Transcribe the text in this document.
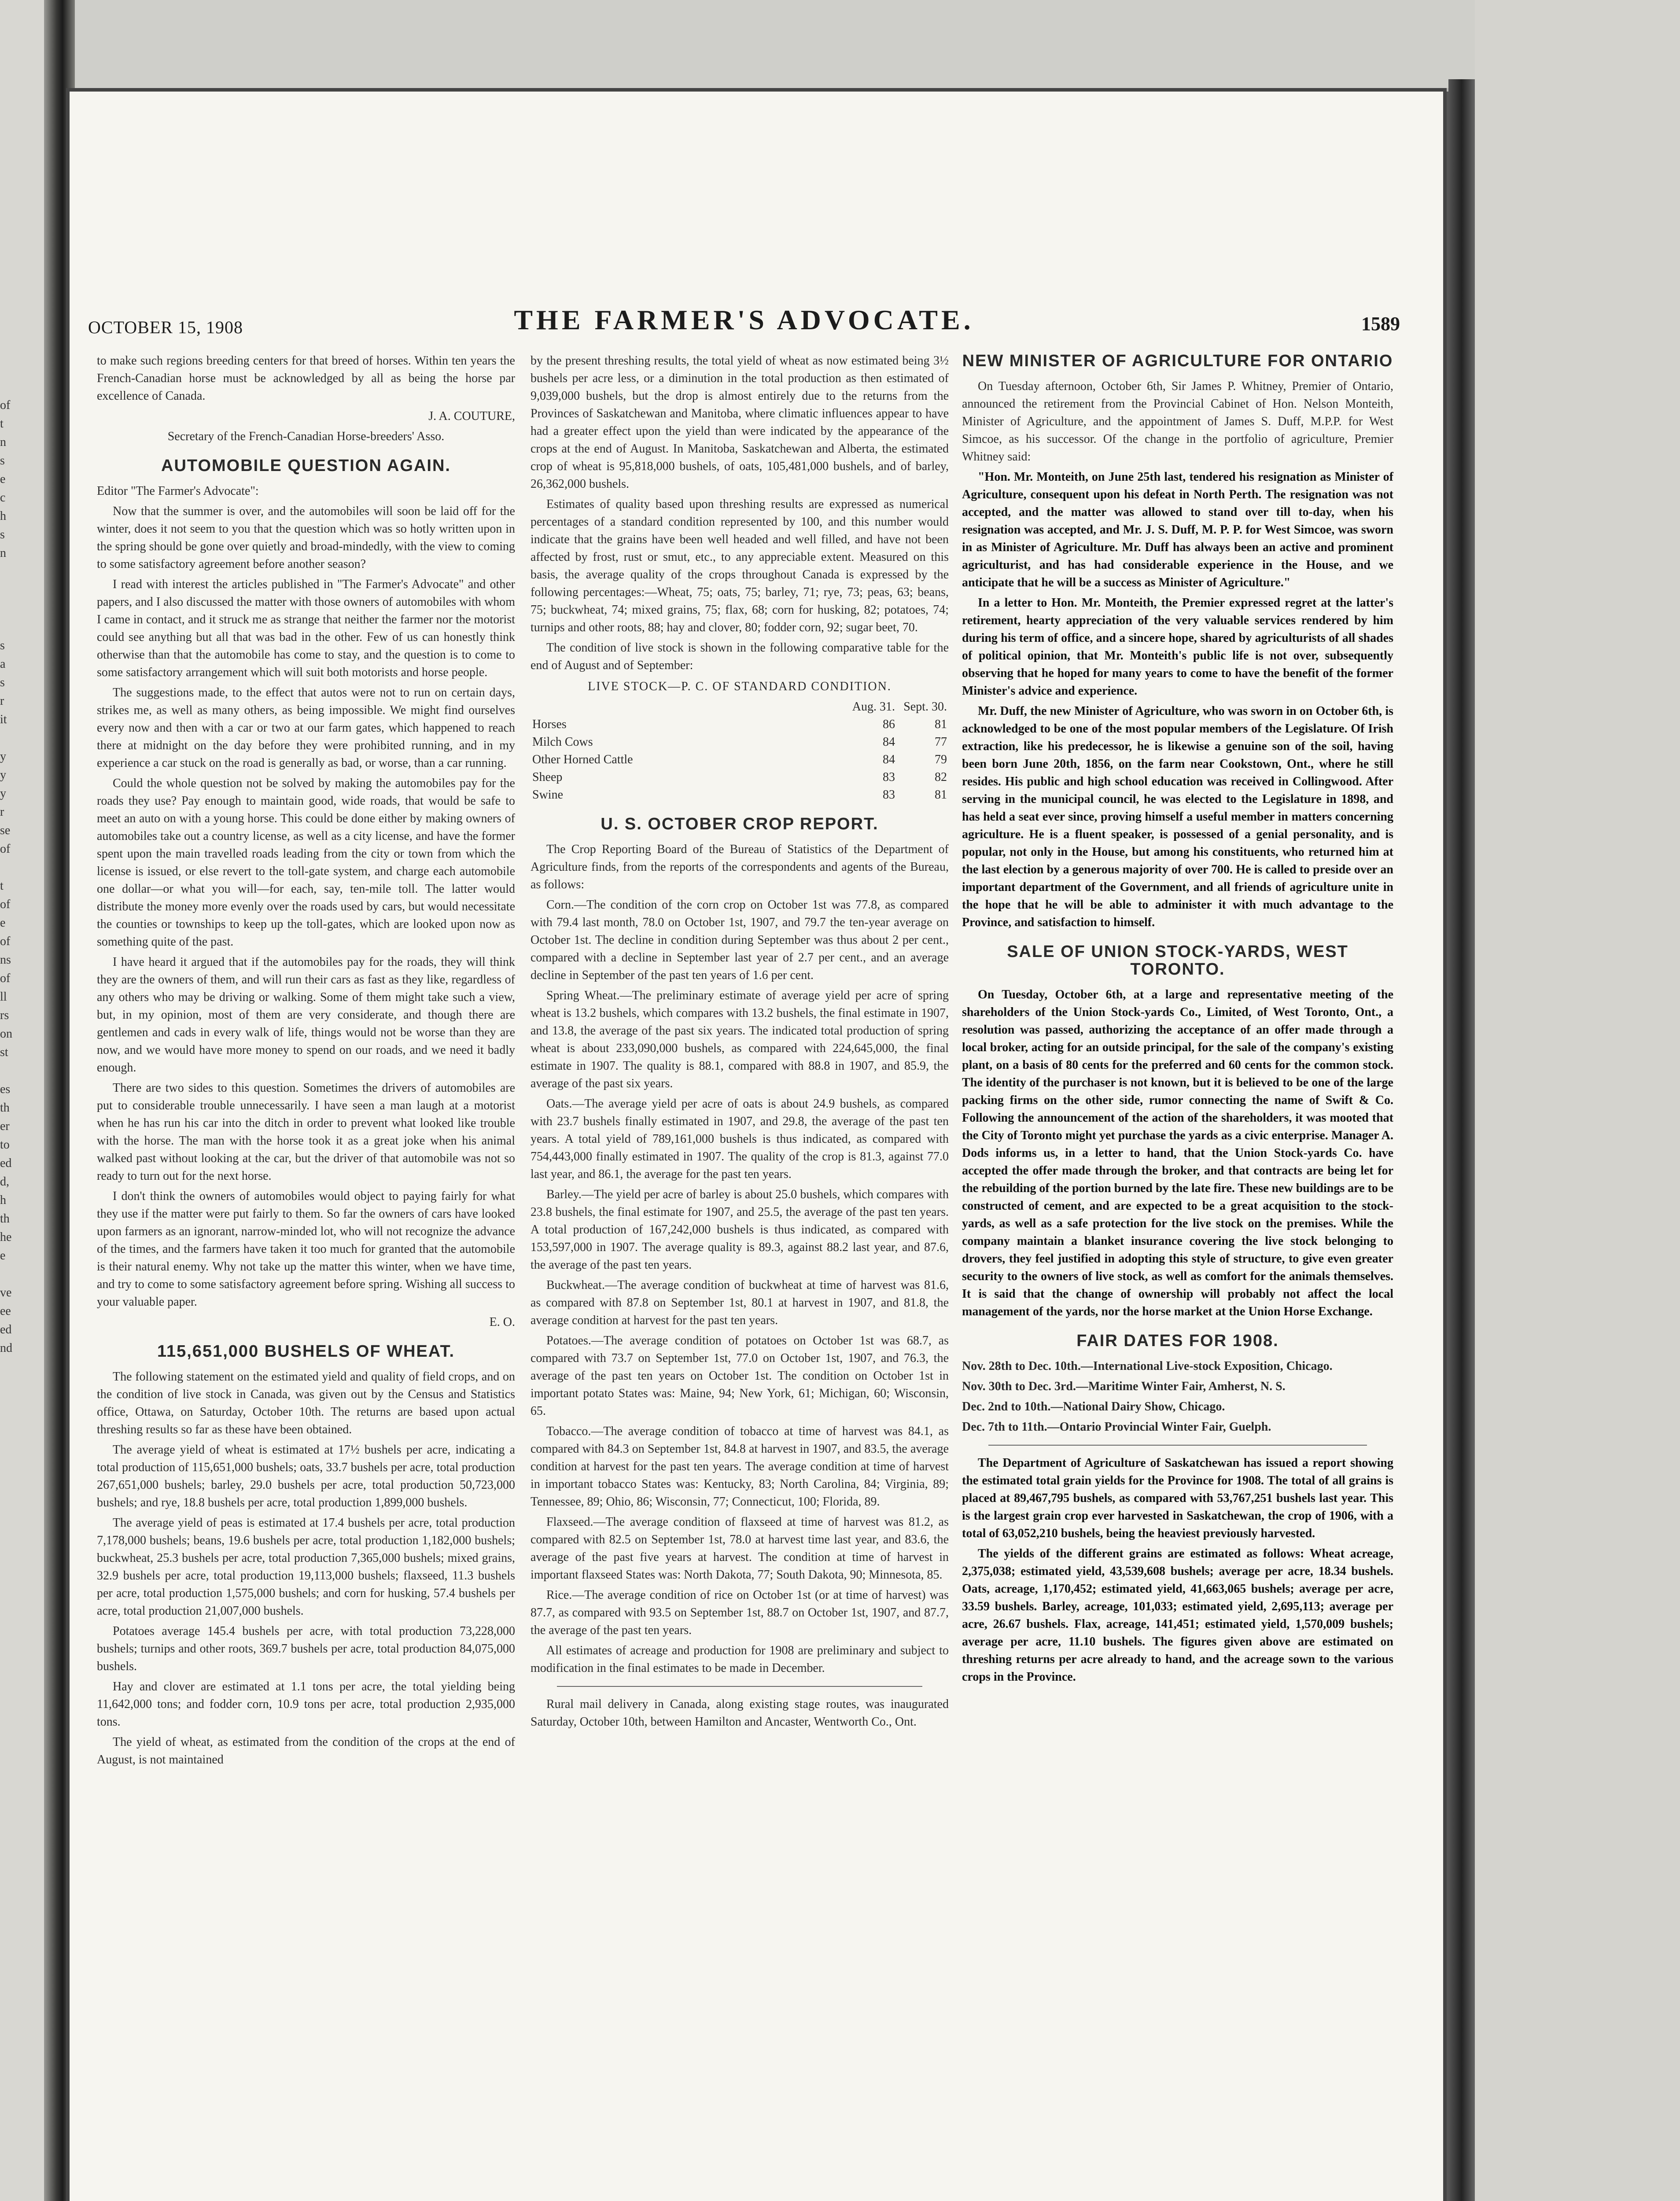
of
t
n
s
e
c
h
s
n
s
a
s
r
it
y
y
y
r
se
of
t
of
e
of
ns
of
ll
rs
on
st
es
th
er
to
ed
d,
h
th
he
e
ve
ee
ed
nd
OCTOBER 15, 1908	THE FARMER'S ADVOCATE.	1589

to make such regions breeding centers for that breed of horses. Within ten years the French-Canadian horse must be acknowledged by all as being the horse par excellence of Canada.

J. A. COUTURE,
Secretary of the French-Canadian Horse-breeders' Asso.
AUTOMOBILE QUESTION AGAIN.

Editor "The Farmer's Advocate":

Now that the summer is over, and the automobiles will soon be laid off for the winter, does it not seem to you that the question which was so hotly written upon in the spring should be gone over quietly and broad-mindedly, with the view to coming to some satisfactory agreement before another season?

I read with interest the articles published in "The Farmer's Advocate" and other papers, and I also discussed the matter with those owners of automobiles with whom I came in contact, and it struck me as strange that neither the farmer nor the motorist could see anything but all that was bad in the other. Few of us can honestly think otherwise than that the automobile has come to stay, and the question is to come to some satisfactory arrangement which will suit both motorists and horse people.

The suggestions made, to the effect that autos were not to run on certain days, strikes me, as well as many others, as being impossible. We might find ourselves every now and then with a car or two at our farm gates, which happened to reach there at midnight on the day before they were prohibited running, and in my experience a car stuck on the road is generally as bad, or worse, than a car running.

Could the whole question not be solved by making the automobiles pay for the roads they use? Pay enough to maintain good, wide roads, that would be safe to meet an auto on with a young horse. This could be done either by making owners of automobiles take out a country license, as well as a city license, and have the former spent upon the main travelled roads leading from the city or town from which the license is issued, or else revert to the toll-gate system, and charge each automobile one dollar—or what you will—for each, say, ten-mile toll. The latter would distribute the money more evenly over the roads used by cars, but would necessitate the counties or townships to keep up the toll-gates, which are looked upon now as something quite of the past.

I have heard it argued that if the automobiles pay for the roads, they will think they are the owners of them, and will run their cars as fast as they like, regardless of any others who may be driving or walking. Some of them might take such a view, but, in my opinion, most of them are very considerate, and though there are gentlemen and cads in every walk of life, things would not be worse than they are now, and we would have more money to spend on our roads, and we need it badly enough.

There are two sides to this question. Sometimes the drivers of automobiles are put to considerable trouble unnecessarily. I have seen a man laugh at a motorist when he has run his car into the ditch in order to prevent what looked like trouble with the horse. The man with the horse took it as a great joke when his animal walked past without looking at the car, but the driver of that automobile was not so ready to turn out for the next horse.

I don't think the owners of automobiles would object to paying fairly for what they use if the matter were put fairly to them. So far the owners of cars have looked upon farmers as an ignorant, narrow-minded lot, who will not recognize the advance of the times, and the farmers have taken it too much for granted that the automobile is their natural enemy. Why not take up the matter this winter, when we have time, and try to come to some satisfactory agreement before spring. Wishing all success to your valuable paper.

E. O.
115,651,000 BUSHELS OF WHEAT.

The following statement on the estimated yield and quality of field crops, and on the condition of live stock in Canada, was given out by the Census and Statistics office, Ottawa, on Saturday, October 10th. The returns are based upon actual threshing results so far as these have been obtained.

The average yield of wheat is estimated at 17½ bushels per acre, indicating a total production of 115,651,000 bushels; oats, 33.7 bushels per acre, total production 267,651,000 bushels; barley, 29.0 bushels per acre, total production 50,723,000 bushels; and rye, 18.8 bushels per acre, total production 1,899,000 bushels.

The average yield of peas is estimated at 17.4 bushels per acre, total production 7,178,000 bushels; beans, 19.6 bushels per acre, total production 1,182,000 bushels; buckwheat, 25.3 bushels per acre, total production 7,365,000 bushels; mixed grains, 32.9 bushels per acre, total production 19,113,000 bushels; flaxseed, 11.3 bushels per acre, total production 1,575,000 bushels; and corn for husking, 57.4 bushels per acre, total production 21,007,000 bushels.

Potatoes average 145.4 bushels per acre, with total production 73,228,000 bushels; turnips and other roots, 369.7 bushels per acre, total production 84,075,000 bushels.

Hay and clover are estimated at 1.1 tons per acre, the total yielding being 11,642,000 tons; and fodder corn, 10.9 tons per acre, total production 2,935,000 tons.

The yield of wheat, as estimated from the condition of the crops at the end of August, is not maintained

by the present threshing results, the total yield of wheat as now estimated being 3½ bushels per acre less, or a diminution in the total production as then estimated of 9,039,000 bushels, but the drop is almost entirely due to the returns from the Provinces of Saskatchewan and Manitoba, where climatic influences appear to have had a greater effect upon the yield than were indicated by the appearance of the crops at the end of August. In Manitoba, Saskatchewan and Alberta, the estimated crop of wheat is 95,818,000 bushels, of oats, 105,481,000 bushels, and of barley, 26,362,000 bushels.

Estimates of quality based upon threshing results are expressed as numerical percentages of a standard condition represented by 100, and this number would indicate that the grains have been well headed and well filled, and have not been affected by frost, rust or smut, etc., to any appreciable extent. Measured on this basis, the average quality of the crops throughout Canada is expressed by the following percentages:—Wheat, 75; oats, 75; barley, 71; rye, 73; peas, 63; beans, 75; buckwheat, 74; mixed grains, 75; flax, 68; corn for husking, 82; potatoes, 74; turnips and other roots, 88; hay and clover, 80; fodder corn, 92; sugar beet, 70.

The condition of live stock is shown in the following comparative table for the end of August and of September:

LIVE STOCK—P. C. OF STANDARD CONDITION.
	Aug. 31.	Sept. 30.
Horses	86	81
Milch Cows	84	77
Other Horned Cattle	84	79
Sheep	83	82
Swine	83	81
U. S. OCTOBER CROP REPORT.

The Crop Reporting Board of the Bureau of Statistics of the Department of Agriculture finds, from the reports of the correspondents and agents of the Bureau, as follows:

Corn.—The condition of the corn crop on October 1st was 77.8, as compared with 79.4 last month, 78.0 on October 1st, 1907, and 79.7 the ten-year average on October 1st. The decline in condition during September was thus about 2 per cent., compared with a decline in September last year of 2.7 per cent., and an average decline in September of the past ten years of 1.6 per cent.

Spring Wheat.—The preliminary estimate of average yield per acre of spring wheat is 13.2 bushels, which compares with 13.2 bushels, the final estimate in 1907, and 13.8, the average of the past six years. The indicated total production of spring wheat is about 233,090,000 bushels, as compared with 224,645,000, the final estimate in 1907. The quality is 88.1, compared with 88.8 in 1907, and 85.9, the average of the past six years.

Oats.—The average yield per acre of oats is about 24.9 bushels, as compared with 23.7 bushels finally estimated in 1907, and 29.8, the average of the past ten years. A total yield of 789,161,000 bushels is thus indicated, as compared with 754,443,000 finally estimated in 1907. The quality of the crop is 81.3, against 77.0 last year, and 86.1, the average for the past ten years.

Barley.—The yield per acre of barley is about 25.0 bushels, which compares with 23.8 bushels, the final estimate for 1907, and 25.5, the average of the past ten years. A total production of 167,242,000 bushels is thus indicated, as compared with 153,597,000 in 1907. The average quality is 89.3, against 88.2 last year, and 87.6, the average of the past ten years.

Buckwheat.—The average condition of buckwheat at time of harvest was 81.6, as compared with 87.8 on September 1st, 80.1 at harvest in 1907, and 81.8, the average condition at harvest for the past ten years.

Potatoes.—The average condition of potatoes on October 1st was 68.7, as compared with 73.7 on September 1st, 77.0 on October 1st, 1907, and 76.3, the average of the past ten years on October 1st. The condition on October 1st in important potato States was: Maine, 94; New York, 61; Michigan, 60; Wisconsin, 65.

Tobacco.—The average condition of tobacco at time of harvest was 84.1, as compared with 84.3 on September 1st, 84.8 at harvest in 1907, and 83.5, the average condition at harvest for the past ten years. The average condition at time of harvest in important tobacco States was: Kentucky, 83; North Carolina, 84; Virginia, 89; Tennessee, 89; Ohio, 86; Wisconsin, 77; Connecticut, 100; Florida, 89.

Flaxseed.—The average condition of flaxseed at time of harvest was 81.2, as compared with 82.5 on September 1st, 78.0 at harvest time last year, and 83.6, the average of the past five years at harvest. The condition at time of harvest in important flaxseed States was: North Dakota, 77; South Dakota, 90; Minnesota, 85.

Rice.—The average condition of rice on October 1st (or at time of harvest) was 87.7, as compared with 93.5 on September 1st, 88.7 on October 1st, 1907, and 87.7, the average of the past ten years.

All estimates of acreage and production for 1908 are preliminary and subject to modification in the final estimates to be made in December.

Rural mail delivery in Canada, along existing stage routes, was inaugurated Saturday, October 10th, between Hamilton and Ancaster, Wentworth Co., Ont.

NEW MINISTER OF AGRICULTURE FOR ONTARIO

On Tuesday afternoon, October 6th, Sir James P. Whitney, Premier of Ontario, announced the retirement from the Provincial Cabinet of Hon. Nelson Monteith, Minister of Agriculture, and the appointment of James S. Duff, M.P.P. for West Simcoe, as his successor. Of the change in the portfolio of agriculture, Premier Whitney said:

"Hon. Mr. Monteith, on June 25th last, tendered his resignation as Minister of Agriculture, consequent upon his defeat in North Perth. The resignation was not accepted, and the matter was allowed to stand over till to-day, when his resignation was accepted, and Mr. J. S. Duff, M. P. P. for West Simcoe, was sworn in as Minister of Agriculture. Mr. Duff has always been an active and prominent agriculturist, and has had considerable experience in the House, and we anticipate that he will be a success as Minister of Agriculture."

In a letter to Hon. Mr. Monteith, the Premier expressed regret at the latter's retirement, hearty appreciation of the very valuable services rendered by him during his term of office, and a sincere hope, shared by agriculturists of all shades of political opinion, that Mr. Monteith's public life is not over, subsequently observing that he hoped for many years to come to have the benefit of the former Minister's advice and experience.

Mr. Duff, the new Minister of Agriculture, who was sworn in on October 6th, is acknowledged to be one of the most popular members of the Legislature. Of Irish extraction, like his predecessor, he is likewise a genuine son of the soil, having been born June 20th, 1856, on the farm near Cookstown, Ont., where he still resides. His public and high school education was received in Collingwood. After serving in the municipal council, he was elected to the Legislature in 1898, and has held a seat ever since, proving himself a useful member in matters concerning agriculture. He is a fluent speaker, is possessed of a genial personality, and is popular, not only in the House, but among his constituents, who returned him at the last election by a generous majority of over 700. He is called to preside over an important department of the Government, and all friends of agriculture unite in the hope that he will be able to administer it with much advantage to the Province, and satisfaction to himself.

SALE OF UNION STOCK-YARDS, WEST TORONTO.

On Tuesday, October 6th, at a large and representative meeting of the shareholders of the Union Stock-yards Co., Limited, of West Toronto, Ont., a resolution was passed, authorizing the acceptance of an offer made through a local broker, acting for an outside principal, for the sale of the company's existing plant, on a basis of 80 cents for the preferred and 60 cents for the common stock. The identity of the purchaser is not known, but it is believed to be one of the large packing firms on the other side, rumor connecting the name of Swift & Co. Following the announcement of the action of the shareholders, it was mooted that the City of Toronto might yet purchase the yards as a civic enterprise. Manager A. Dods informs us, in a letter to hand, that the Union Stock-yards Co. have accepted the offer made through the broker, and that contracts are being let for the rebuilding of the portion burned by the late fire. These new buildings are to be constructed of cement, and are expected to be a great acquisition to the stock-yards, as well as a safe protection for the live stock on the premises. While the company maintain a blanket insurance covering the live stock belonging to drovers, they feel justified in adopting this style of structure, to give even greater security to the owners of live stock, as well as comfort for the animals themselves. It is said that the change of ownership will probably not affect the local management of the yards, nor the horse market at the Union Horse Exchange.

FAIR DATES FOR 1908.

Nov. 28th to Dec. 10th.—International Live-stock Exposition, Chicago.

Nov. 30th to Dec. 3rd.—Maritime Winter Fair, Amherst, N. S.

Dec. 2nd to 10th.—National Dairy Show, Chicago.

Dec. 7th to 11th.—Ontario Provincial Winter Fair, Guelph.

The Department of Agriculture of Saskatchewan has issued a report showing the estimated total grain yields for the Province for 1908. The total of all grains is placed at 89,467,795 bushels, as compared with 53,767,251 bushels last year. This is the largest grain crop ever harvested in Saskatchewan, the crop of 1906, with a total of 63,052,210 bushels, being the heaviest previously harvested.

The yields of the different grains are estimated as follows: Wheat acreage, 2,375,038; estimated yield, 43,539,608 bushels; average per acre, 18.34 bushels. Oats, acreage, 1,170,452; estimated yield, 41,663,065 bushels; average per acre, 33.59 bushels. Barley, acreage, 101,033; estimated yield, 2,695,113; average per acre, 26.67 bushels. Flax, acreage, 141,451; estimated yield, 1,570,009 bushels; average per acre, 11.10 bushels. The figures given above are estimated on threshing returns per acre already to hand, and the acreage sown to the various crops in the Province.
